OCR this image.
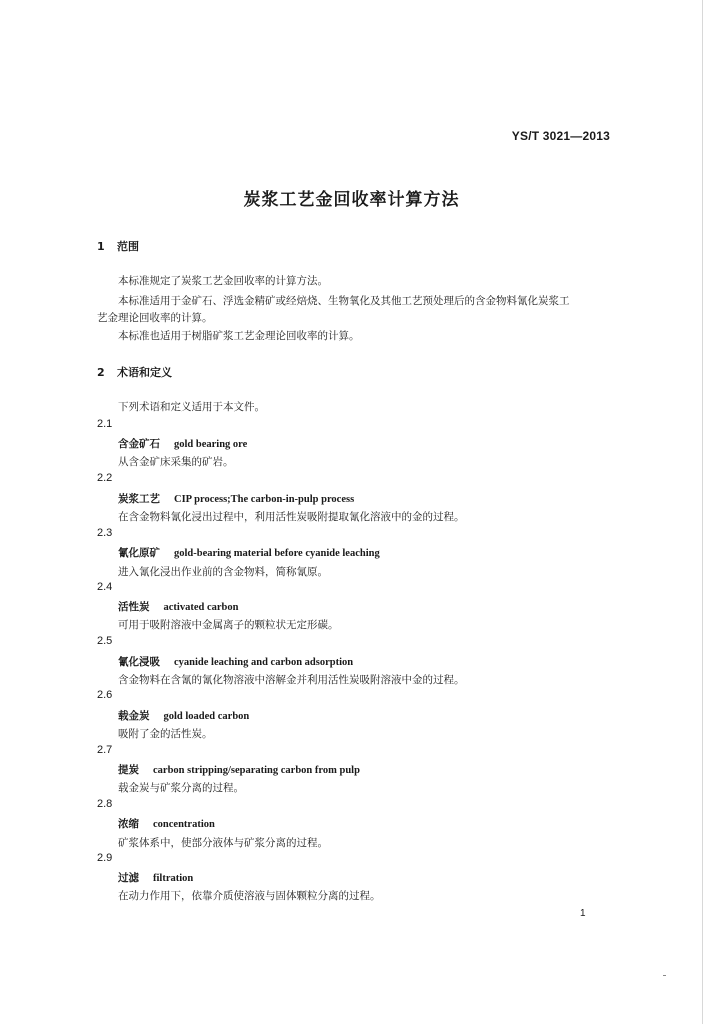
YS/T 3021—2013
炭浆工艺金回收率计算方法
1 范围
本标准规定了炭浆工艺金回收率的计算方法。
本标准适用于金矿石、浮选金精矿或经焙烧、生物氧化及其他工艺预处理后的含金物料氰化炭浆工
艺金理论回收率的计算。
本标准也适用于树脂矿浆工艺金理论回收率的计算。
2 术语和定义
下列术语和定义适用于本文件。
2.1
含金矿石 gold bearing ore
从含金矿床采集的矿岩。
2.2
炭浆工艺 CIP process;The carbon-in-pulp process
在含金物料氰化浸出过程中，利用活性炭吸附提取氰化溶液中的金的过程。
2.3
氰化原矿 gold-bearing material before cyanide leaching
进入氰化浸出作业前的含金物料，简称氰原。
2.4
活性炭 activated carbon
可用于吸附溶液中金属离子的颗粒状无定形碳。
2.5
氰化浸吸 cyanide leaching and carbon adsorption
含金物料在含氰的氰化物溶液中溶解金并利用活性炭吸附溶液中金的过程。
2.6
载金炭 gold loaded carbon
吸附了金的活性炭。
2.7
提炭 carbon stripping/separating carbon from pulp
载金炭与矿浆分离的过程。
2.8
浓缩 concentration
矿浆体系中，使部分液体与矿浆分离的过程。
2.9
过滤 filtration
在动力作用下，依靠介质使溶液与固体颗粒分离的过程。
1
